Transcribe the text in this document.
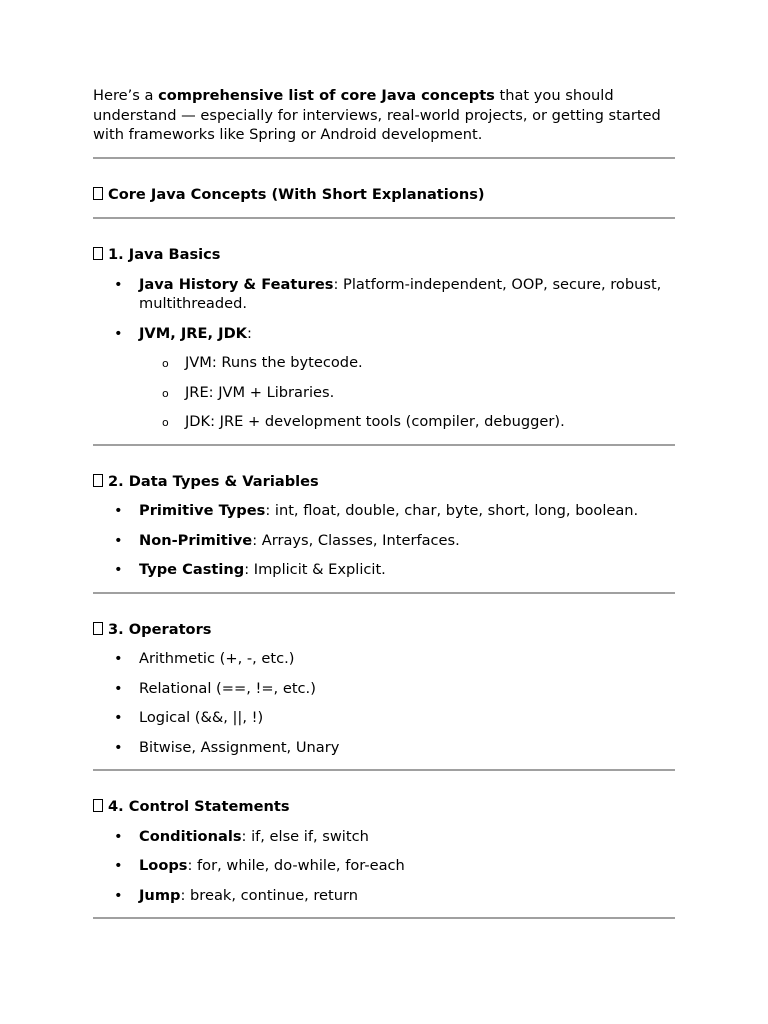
Here’s a comprehensive list of core Java concepts that you should understand — especially for interviews, real-world projects, or getting started with frameworks like Spring or Android development.

Core Java Concepts (With Short Explanations)

1. Java Basics

• Java History & Features: Platform-independent, OOP, secure, robust, multithreaded.
• JVM, JRE, JDK:
o JVM: Runs the bytecode.
o JRE: JVM + Libraries.
o JDK: JRE + development tools (compiler, debugger).

2. Data Types & Variables

• Primitive Types: int, float, double, char, byte, short, long, boolean.
• Non-Primitive: Arrays, Classes, Interfaces.
• Type Casting: Implicit & Explicit.

3. Operators

• Arithmetic (+, -, etc.)
• Relational (==, !=, etc.)
• Logical (&&, ||, !)
• Bitwise, Assignment, Unary

4. Control Statements

• Conditionals: if, else if, switch
• Loops: for, while, do-while, for-each
• Jump: break, continue, return
